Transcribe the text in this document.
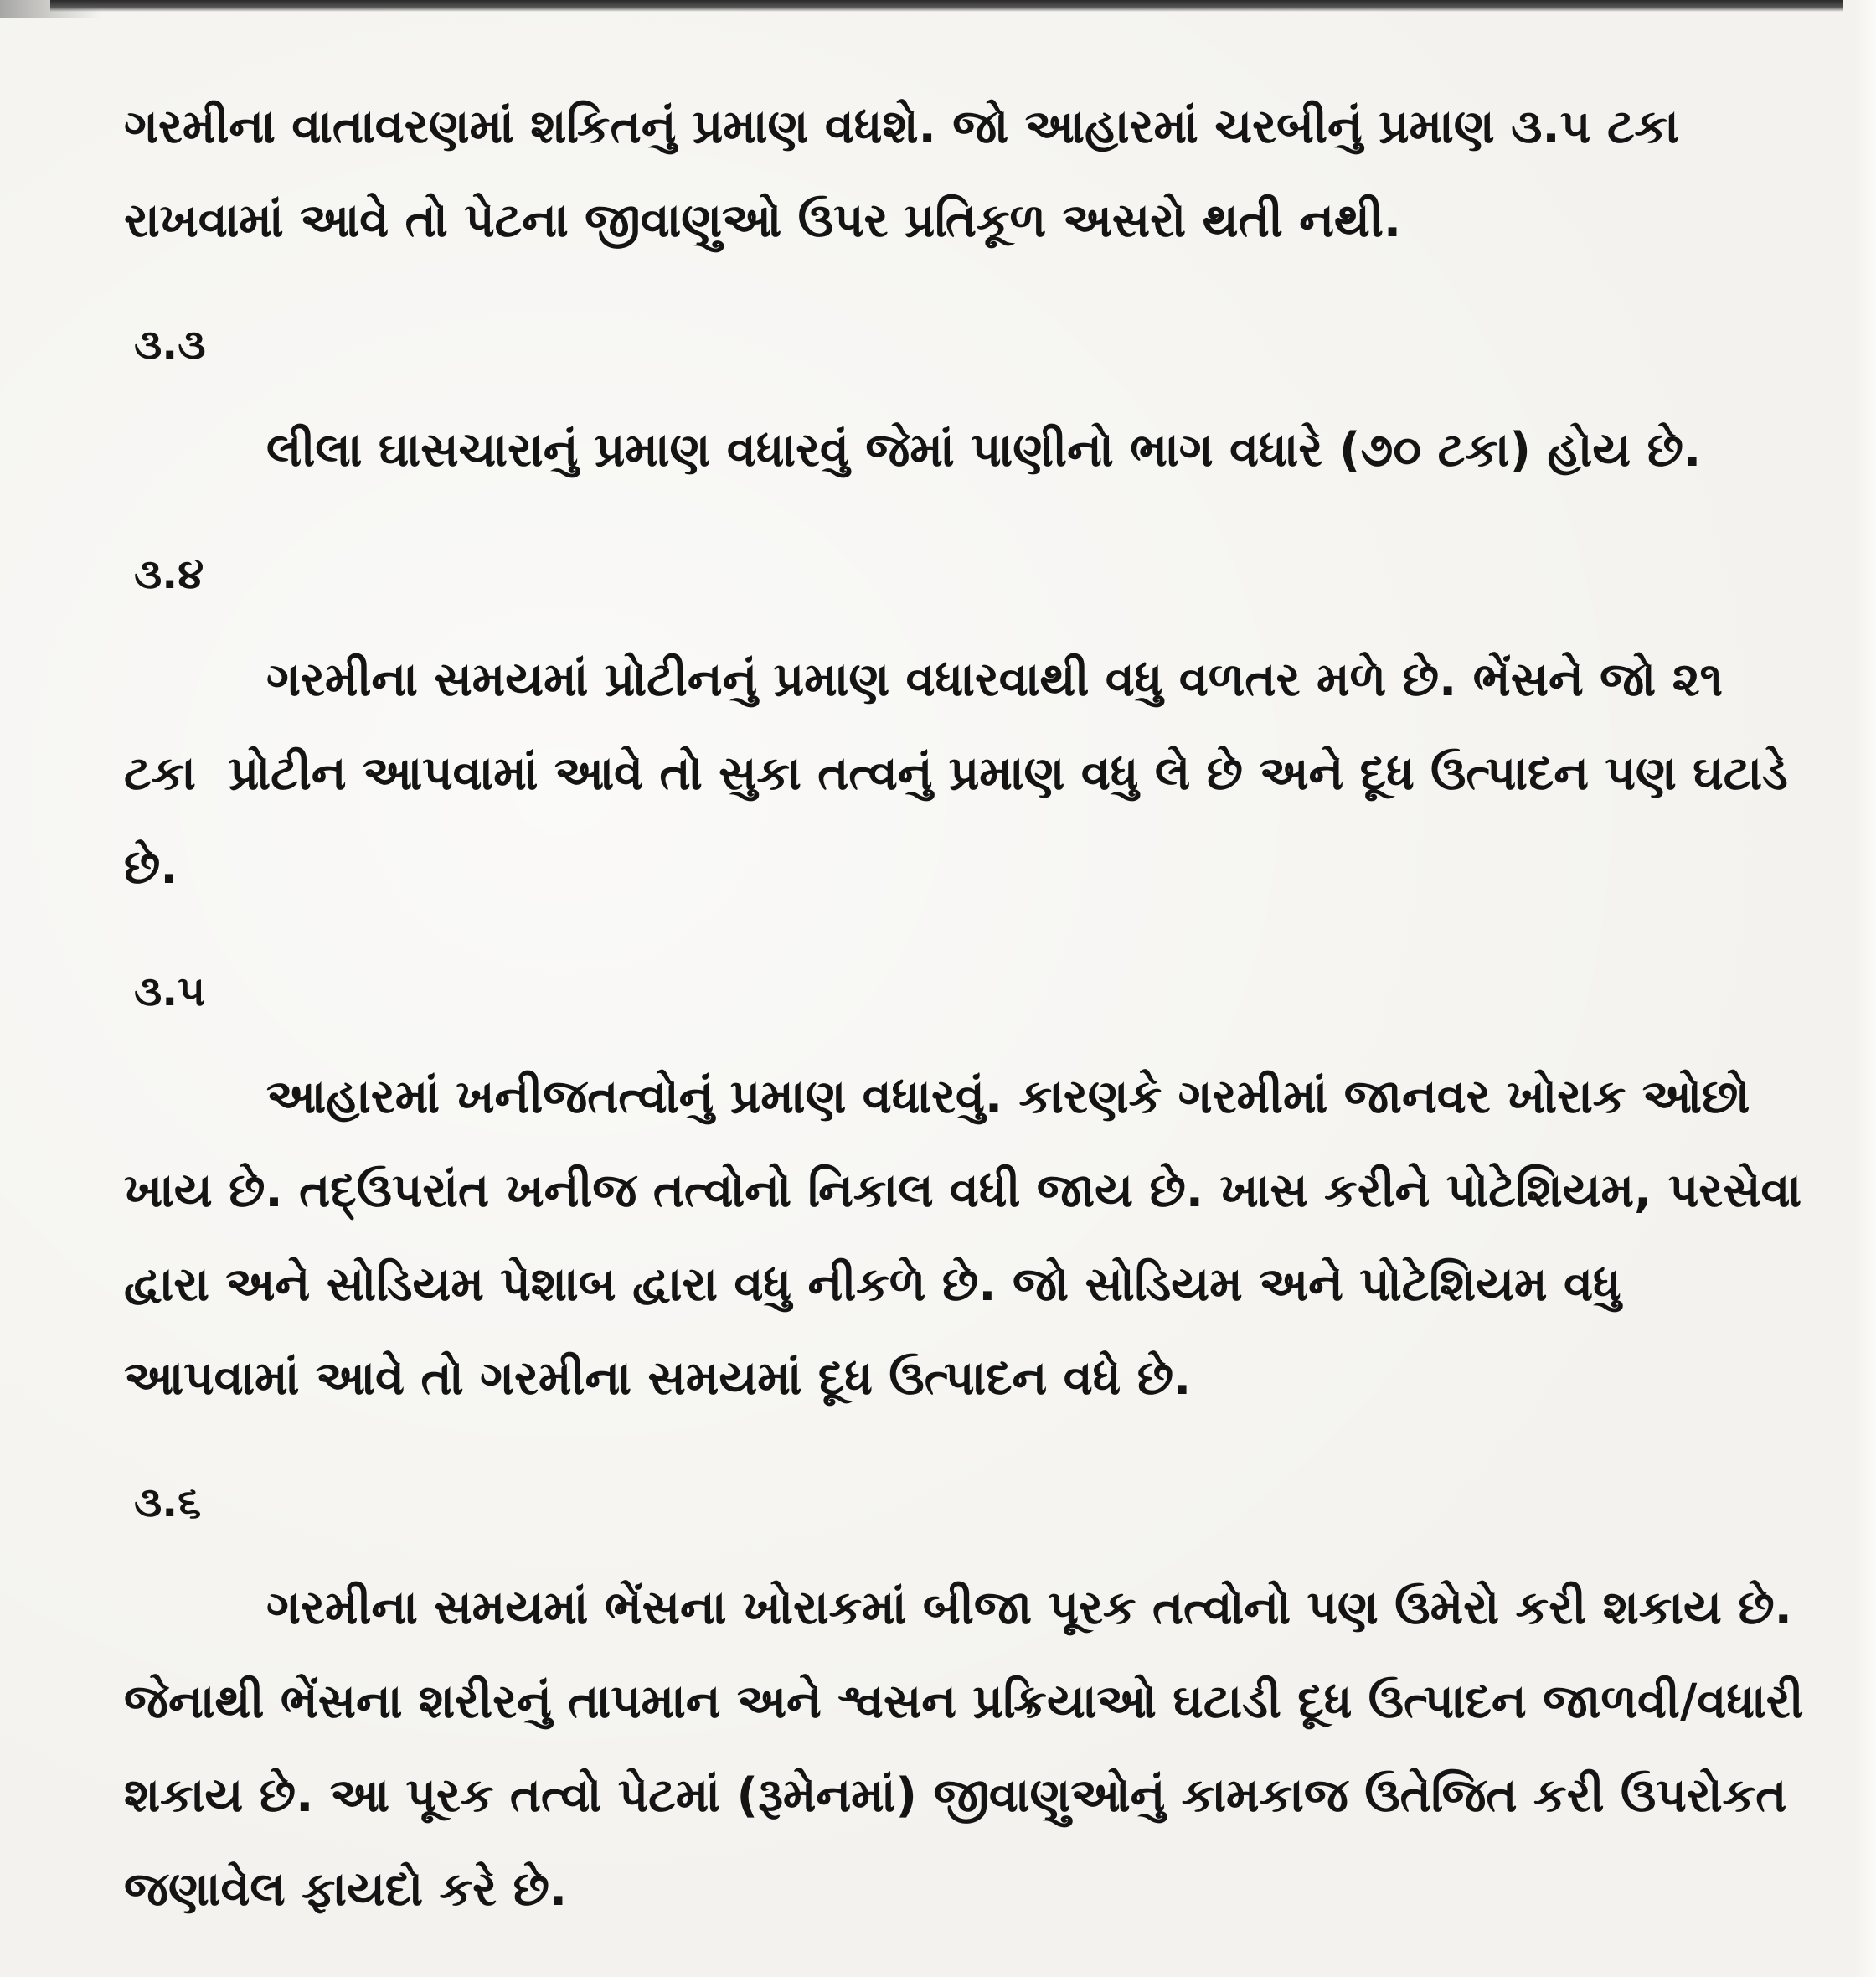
ગરમીના વાતાવરણમાં શકિતનું પ્રમાણ વધશે. જો આહારમાં ચરબીનું પ્રમાણ ૩.૫ ટકા રાખવામાં આવે તો પેટના જીવાણુઓ ઉપર પ્રતિકૂળ અસરો થતી નથી.

૩.૩

લીલા ઘાસચારાનું પ્રમાણ વધારવું જેમાં પાણીનો ભાગ વધારે (૭૦ ટકા) હોય છે.

૩.૪

ગરમીના સમયમાં પ્રોટીનનું પ્રમાણ વધારવાથી વધુ વળતર મળે છે. ભેંસને જો ૨૧ ટકા  પ્રોટીન આપવામાં આવે તો સુકા તત્વનું પ્રમાણ વધુ લે છે અને દૂધ ઉત્પાદન પણ ઘટાડે છે.

૩.૫

આહારમાં ખનીજતત્વોનું પ્રમાણ વધારવું. કારણકે ગરમીમાં જાનવર ખોરાક ઓછો ખાય છે. તદ્ઉપરાંત ખનીજ તત્વોનો નિકાલ વધી જાય છે. ખાસ કરીને પોટેશિયમ, પરસેવા દ્વારા અને સોડિયમ પેશાબ દ્વારા વધુ નીકળે છે. જો સોડિયમ અને પોટેશિયમ વધુ આપવામાં આવે તો ગરમીના સમયમાં દૂધ ઉત્પાદન વધે છે.

૩.૬

ગરમીના સમયમાં ભેંસના ખોરાકમાં બીજા પૂરક તત્વોનો પણ ઉમેરો કરી શકાય છે. જેનાથી ભેંસના શરીરનું તાપમાન અને શ્વસન પ્રક્રિયાઓ ઘટાડી દૂધ ઉત્પાદન જાળવી/વધારી શકાય છે. આ પૂરક તત્વો પેટમાં (રૂમેનમાં) જીવાણુઓનું કામકાજ ઉતેજિત કરી ઉપરોકત જણાવેલ ફાયદો કરે છે.
